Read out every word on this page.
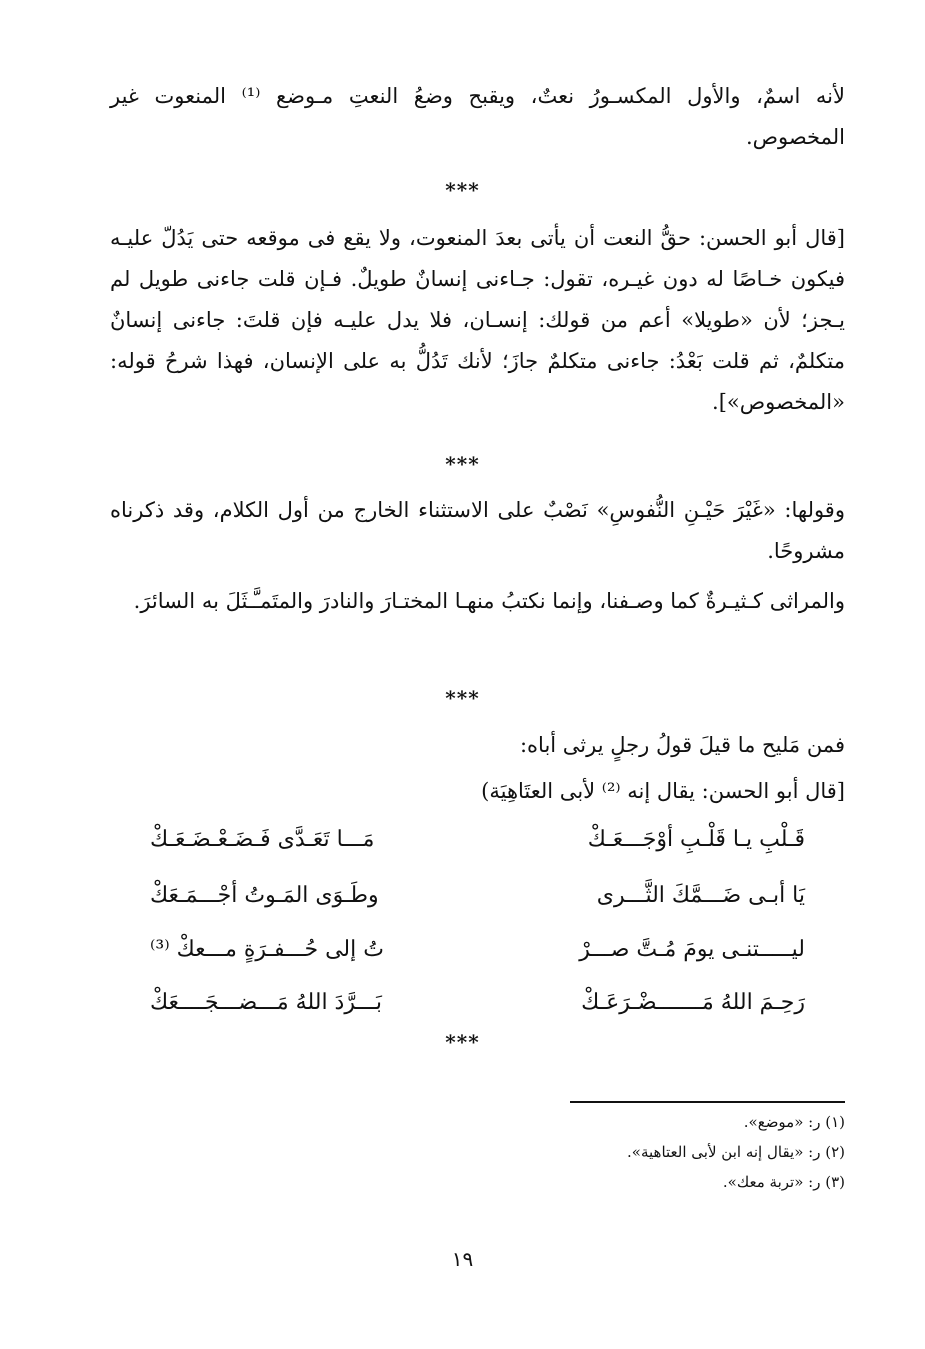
لأنه اسمٌ، والأول المكسـورُ نعتٌ، ويقبح وضعُ النعتِ مـوضع ⁽¹⁾ المنعوت غير المخصوص.
***
[قال أبو الحسن: حقُّ النعت أن يأتى بعدَ المنعوت، ولا يقع فى موقعه حتى يَدُلّ عليـه فيكون خـاصًا له دون غيـره، تقول: جـاءنى إنسانٌ طويلٌ. فـإن قلت جاءنى طويل لم يـجز؛ لأن «طويلا» أعم من قولك: إنسـان، فلا يدل عليـه فإن قلتَ: جاءنى إنسانٌ متكلمٌ، ثم قلت بَعْدُ: جاءنى متكلمٌ جازَ؛ لأنك تَدُلُّ به على الإنسان، فهذا شرحُ قوله: «المخصوص»].
***
وقولها: «غَيْرَ حَيْـنِ النُّفوسِ» نَصْبٌ على الاستثناء الخارج من أول الكلام، وقد ذكرناه مشروحًا.
والمراثى كـثيـرةٌ كما وصـفنا، وإنما نكتبُ منهـا المختـارَ والنادرَ والمتَمـَّـثَلَ به السائرَ.
***
فمن مَليح ما قيلَ قولُ رجلٍ يرثى أباه:
[قال أبو الحسن: يقال إنه ⁽²⁾ لأبى العتَاهِيَة)
قَـلْبِ يـا قَلْـبِ أوْجَـــعَـكْ
مَـــا تَعَـدَّى فَـضَـعْـضَـعَـكْ
يَا أبـى ضَـــمَّكَ الثَّـــرى
وطَـوَى المَـوتُ أجْـــمَـعَكْ
ليـــــتنـى يومَ مُـتَّ صـــرْ
تُ إلى حُـــفـرَةٍ مـــعكْ ⁽³⁾
رَحِـمَ اللهُ مَـــــــضْـرَعَـكْ
بَـــرَّدَ اللهُ مَـــضـــجَــــعَكْ
***
(١) ر: «موضع».
(٢) ر: «يقال إنه ابن لأبى العتاهية».
(٣) ر: «تربة معك».
١٩
